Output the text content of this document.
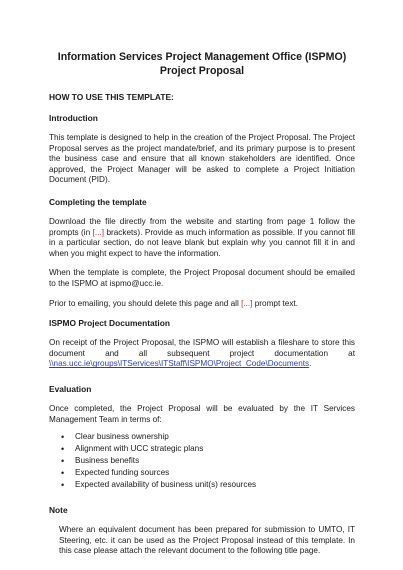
Information Services Project Management Office (ISPMO)
Project Proposal
HOW TO USE THIS TEMPLATE:
Introduction

This template is designed to help in the creation of the Project Proposal. The Project Proposal serves as the project mandate/brief, and its primary purpose is to present the business case and ensure that all known stakeholders are identified. Once approved, the Project Manager will be asked to complete a Project Initiation Document (PID).

Completing the template

Download the file directly from the website and starting from page 1 follow the prompts (in [...] brackets). Provide as much information as possible. If you cannot fill in a particular section, do not leave blank but explain why you cannot fill it in and when you might expect to have the information.

When the template is complete, the Project Proposal document should be emailed to the ISPMO at ispmo@ucc.ie.

Prior to emailing, you should delete this page and all [...] prompt text.

ISPMO Project Documentation

On receipt of the Project Proposal, the ISPMO will establish a fileshare to store this document and all subsequent project documentation at \\nas.ucc.ie\groups\ITServices\ITStaff\ISPMO\Project_Code\Documents.

Evaluation

Once completed, the Project Proposal will be evaluated by the IT Services Management Team in terms of:

• Clear business ownership
• Alignment with UCC strategic plans
• Business benefits
• Expected funding sources
• Expected availability of business unit(s) resources
Note

Where an equivalent document has been prepared for submission to UMTO, IT Steering, etc. it can be used as the Project Proposal instead of this template. In this case please attach the relevant document to the following title page.
